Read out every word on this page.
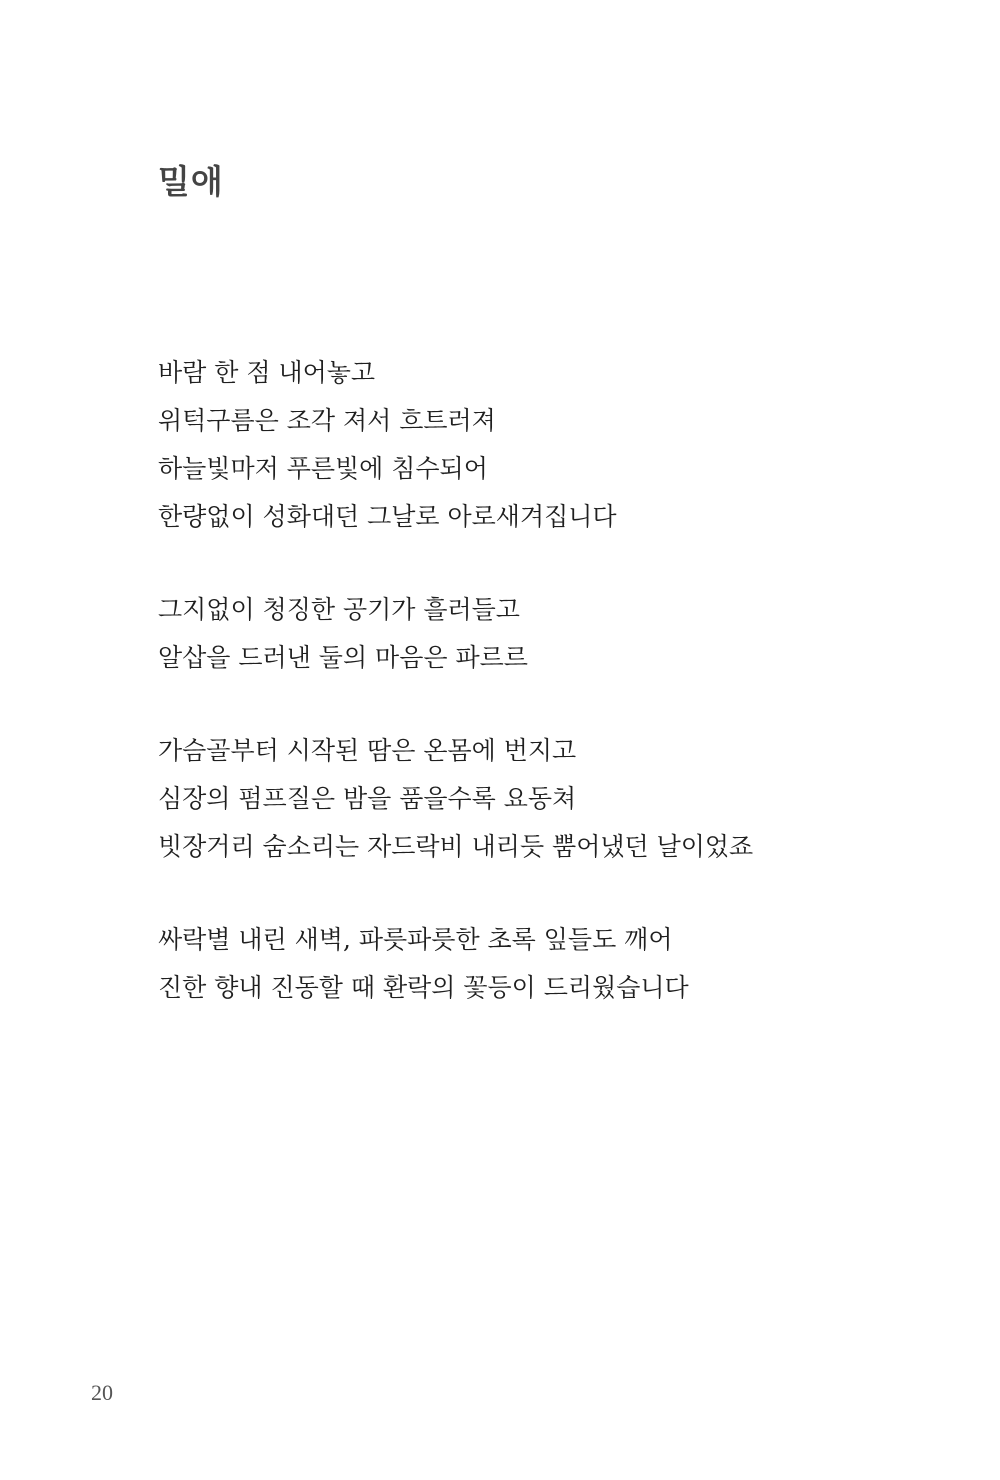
밀애
바람 한 점 내어놓고
위턱구름은 조각 져서 흐트러져
하늘빛마저 푸른빛에 침수되어
한량없이 성화대던 그날로 아로새겨집니다
그지없이 청징한 공기가 흘러들고
알삽을 드러낸 둘의 마음은 파르르
가슴골부터 시작된 땀은 온몸에 번지고
심장의 펌프질은 밤을 품을수록 요동쳐
빗장거리 숨소리는 자드락비 내리듯 뿜어냈던 날이었죠
싸락별 내린 새벽, 파릇파릇한 초록 잎들도 깨어
진한 향내 진동할 때 환락의 꽃등이 드리웠습니다
20
